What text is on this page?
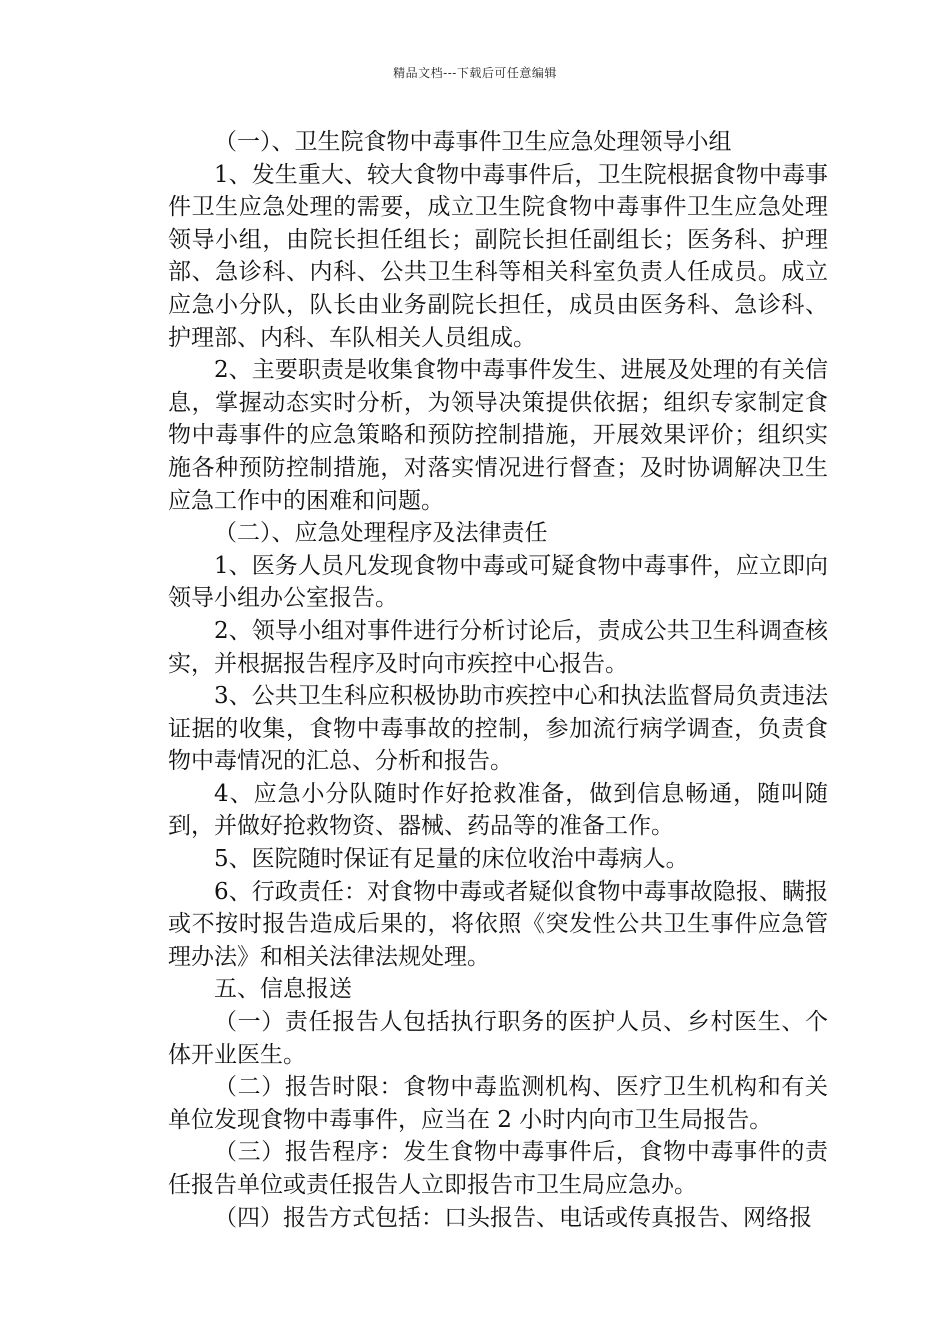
精品文档---下载后可任意编辑

（一）、卫生院食物中毒事件卫生应急处理领导小组

1、发生重大、较大食物中毒事件后，卫生院根据食物中毒事件卫生应急处理的需要，成立卫生院食物中毒事件卫生应急处理领导小组，由院长担任组长；副院长担任副组长；医务科、护理部、急诊科、内科、公共卫生科等相关科室负责人任成员。成立应急小分队，队长由业务副院长担任，成员由医务科、急诊科、护理部、内科、车队相关人员组成。

2、主要职责是收集食物中毒事件发生、进展及处理的有关信息，掌握动态实时分析，为领导决策提供依据；组织专家制定食物中毒事件的应急策略和预防控制措施，开展效果评价；组织实施各种预防控制措施，对落实情况进行督查；及时协调解决卫生应急工作中的困难和问题。

（二）、应急处理程序及法律责任

1、医务人员凡发现食物中毒或可疑食物中毒事件，应立即向领导小组办公室报告。

2、领导小组对事件进行分析讨论后，责成公共卫生科调查核实，并根据报告程序及时向市疾控中心报告。

3、公共卫生科应积极协助市疾控中心和执法监督局负责违法证据的收集，食物中毒事故的控制，参加流行病学调查，负责食物中毒情况的汇总、分析和报告。

4、应急小分队随时作好抢救准备，做到信息畅通，随叫随到，并做好抢救物资、器械、药品等的准备工作。

5、医院随时保证有足量的床位收治中毒病人。

6、行政责任：对食物中毒或者疑似食物中毒事故隐报、瞒报或不按时报告造成后果的，将依照《突发性公共卫生事件应急管理办法》和相关法律法规处理。

五、信息报送

（一）责任报告人包括执行职务的医护人员、乡村医生、个体开业医生。

（二）报告时限：食物中毒监测机构、医疗卫生机构和有关单位发现食物中毒事件，应当在 2 小时内向市卫生局报告。

（三）报告程序：发生食物中毒事件后，食物中毒事件的责任报告单位或责任报告人立即报告市卫生局应急办。

（四）报告方式包括：口头报告、电话或传真报告、网络报
